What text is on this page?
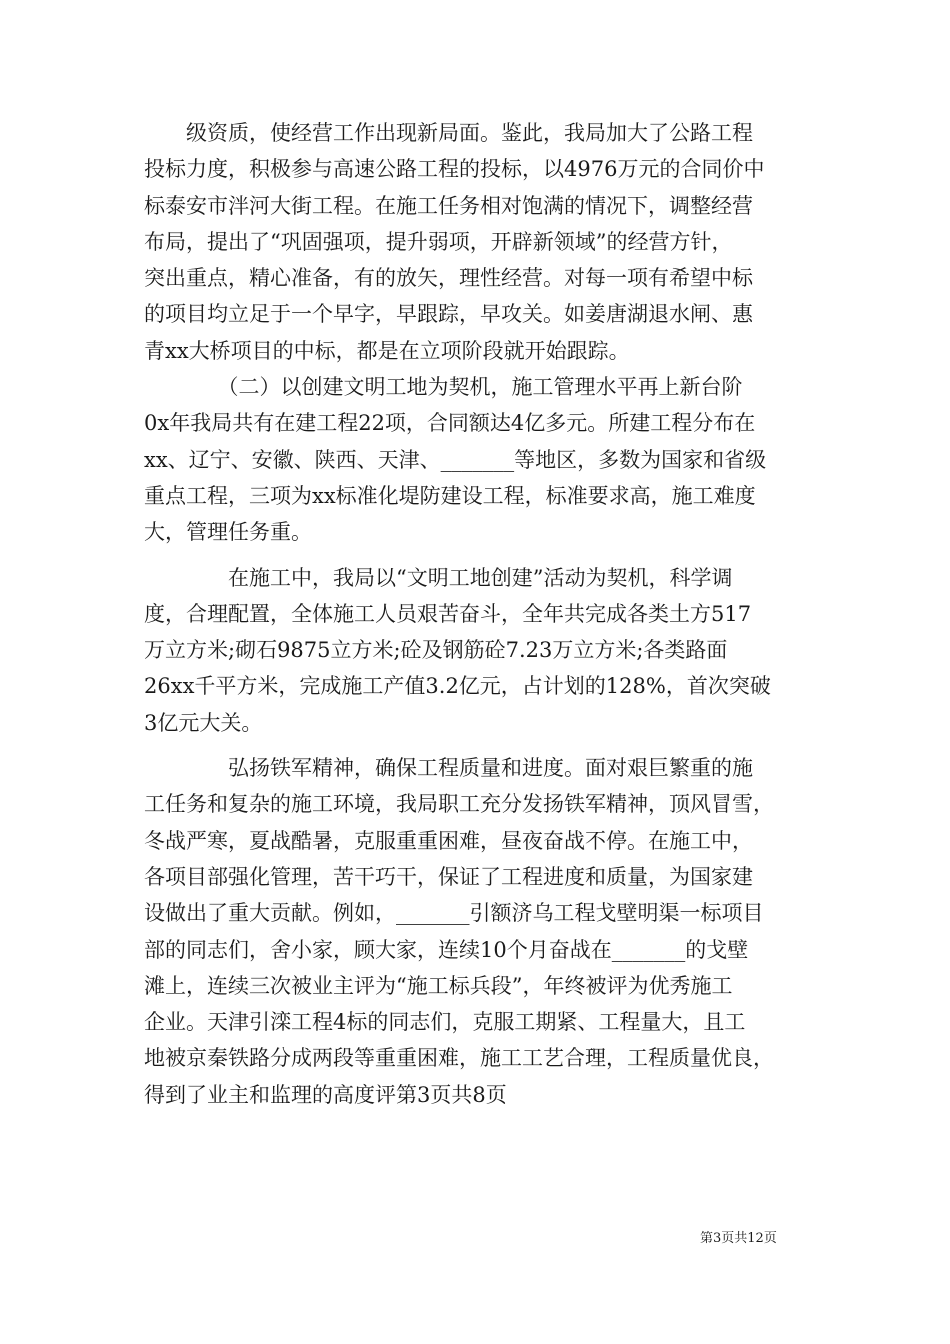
　　级资质，使经营工作出现新局面。鉴此，我局加大了公路工程
投标力度，积极参与高速公路工程的投标，以4976万元的合同价中
标泰安市泮河大街工程。在施工任务相对饱满的情况下，调整经营
布局，提出了“巩固强项，提升弱项，开辟新领域”的经营方针，
突出重点，精心准备，有的放矢，理性经营。对每一项有希望中标
的项目均立足于一个早字，早跟踪，早攻关。如姜唐湖退水闸、惠
青xx大桥项目的中标，都是在立项阶段就开始跟踪。
　　　　（二）以创建文明工地为契机，施工管理水平再上新台阶
0x年我局共有在建工程22项，合同额达4亿多元。所建工程分布在
xx、辽宁、安徽、陕西、天津、_______等地区，多数为国家和省级
重点工程，三项为xx标准化堤防建设工程，标准要求高，施工难度
大，管理任务重。
　　　　在施工中，我局以“文明工地创建”活动为契机，科学调
度，合理配置，全体施工人员艰苦奋斗，全年共完成各类土方517
万立方米;砌石9875立方米;砼及钢筋砼7.23万立方米;各类路面
26xx千平方米，完成施工产值3.2亿元，占计划的128%，首次突破
3亿元大关。
　　　　弘扬铁军精神，确保工程质量和进度。面对艰巨繁重的施
工任务和复杂的施工环境，我局职工充分发扬铁军精神，顶风冒雪，
冬战严寒，夏战酷暑，克服重重困难，昼夜奋战不停。在施工中，
各项目部强化管理，苦干巧干，保证了工程进度和质量，为国家建
设做出了重大贡献。例如，_______引额济乌工程戈壁明渠一标项目
部的同志们，舍小家，顾大家，连续10个月奋战在_______的戈壁
滩上，连续三次被业主评为“施工标兵段”，年终被评为优秀施工
企业。天津引滦工程4标的同志们，克服工期紧、工程量大，且工
地被京秦铁路分成两段等重重困难，施工工艺合理，工程质量优良，
得到了业主和监理的高度评第3页共8页
第3页共12页
